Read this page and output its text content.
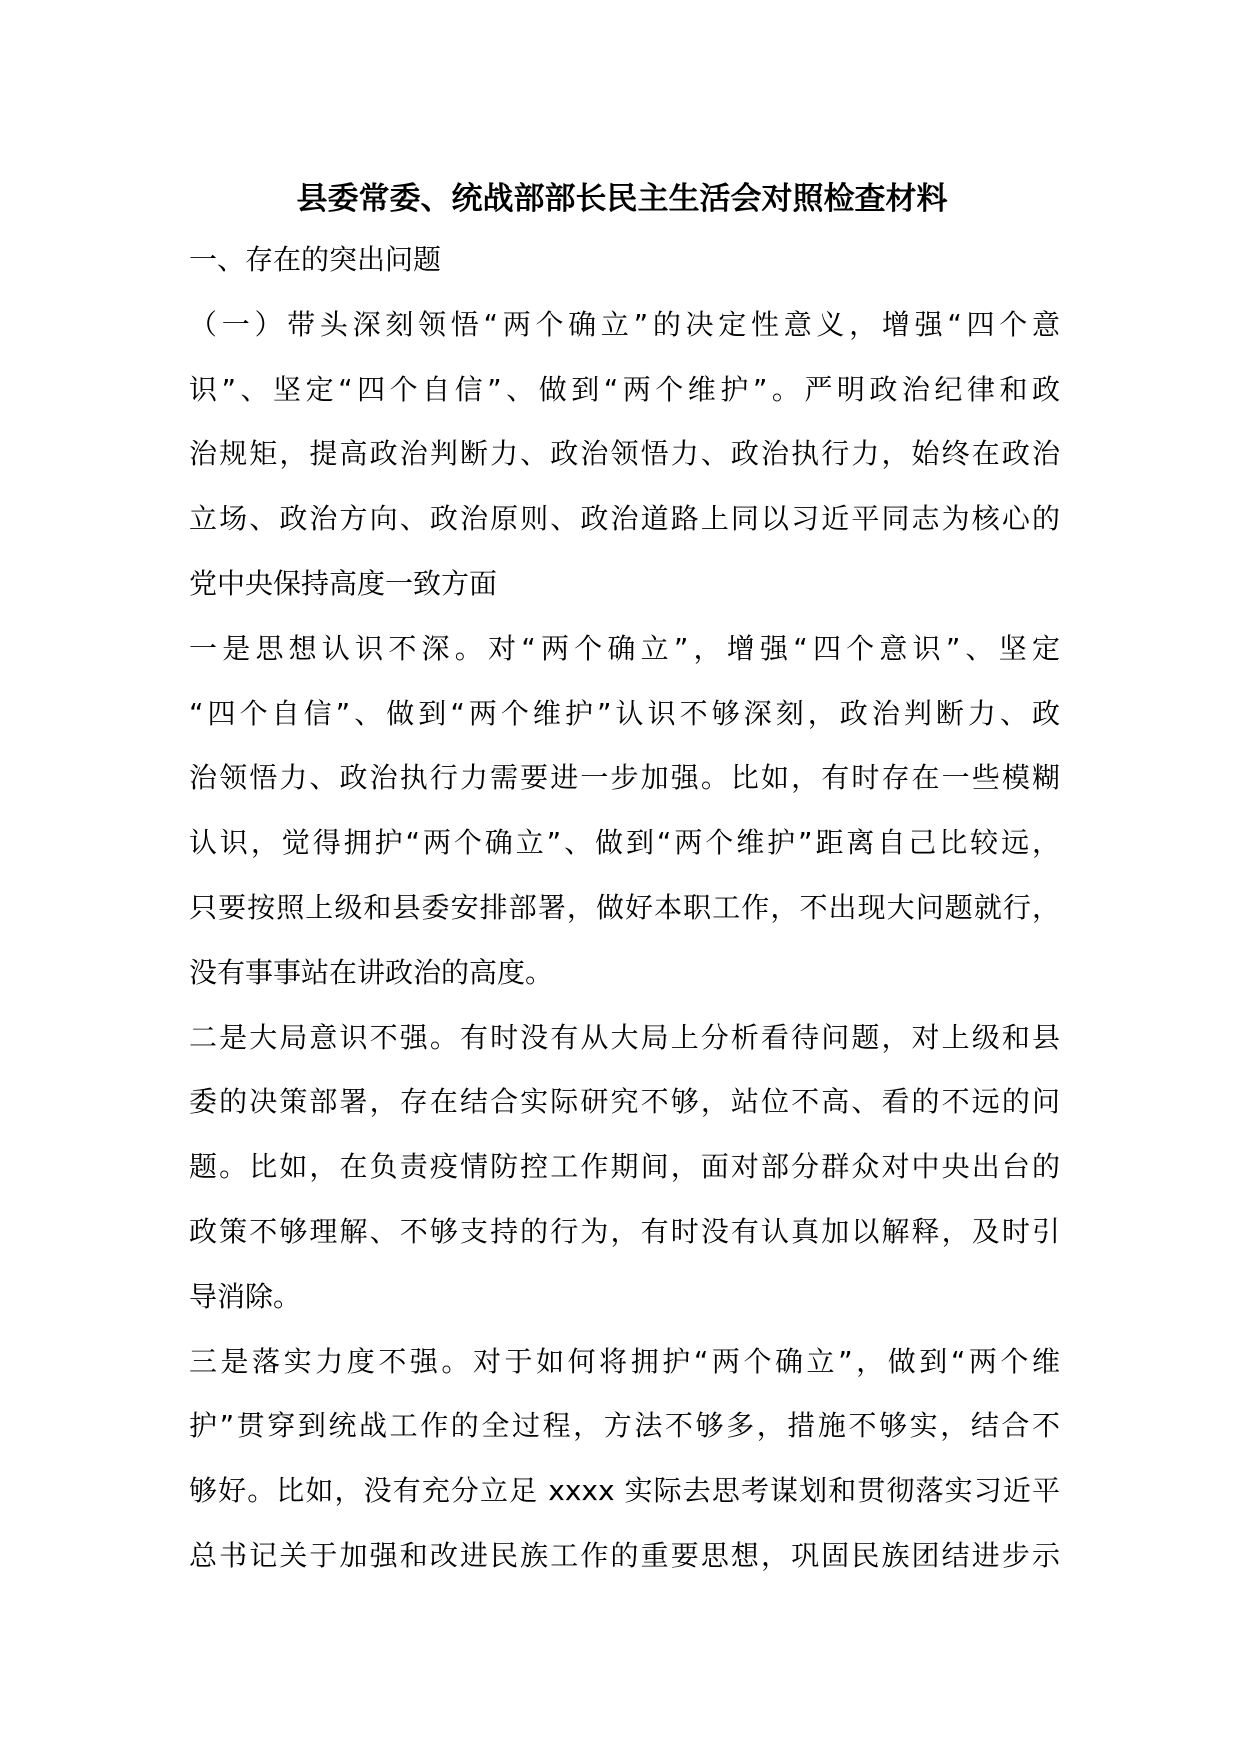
县委常委、统战部部长民主生活会对照检查材料
一、存在的突出问题
（一）带头深刻领悟“两个确立”的决定性意义，增强“四个意
识”、坚定“四个自信”、做到“两个维护”。严明政治纪律和政
治规矩，提高政治判断力、政治领悟力、政治执行力，始终在政治
立场、政治方向、政治原则、政治道路上同以习近平同志为核心的
党中央保持高度一致方面
一是思想认识不深。对“两个确立”，增强“四个意识”、坚定
“四个自信”、做到“两个维护”认识不够深刻，政治判断力、政
治领悟力、政治执行力需要进一步加强。比如，有时存在一些模糊
认识，觉得拥护“两个确立”、做到“两个维护”距离自己比较远，
只要按照上级和县委安排部署，做好本职工作，不出现大问题就行，
没有事事站在讲政治的高度。
二是大局意识不强。有时没有从大局上分析看待问题，对上级和县
委的决策部署，存在结合实际研究不够，站位不高、看的不远的问
题。比如，在负责疫情防控工作期间，面对部分群众对中央出台的
政策不够理解、不够支持的行为，有时没有认真加以解释，及时引
导消除。
三是落实力度不强。对于如何将拥护“两个确立”，做到“两个维
护”贯穿到统战工作的全过程，方法不够多，措施不够实，结合不
够好。比如，没有充分立足 xxxx 实际去思考谋划和贯彻落实习近平
总书记关于加强和改进民族工作的重要思想，巩固民族团结进步示
